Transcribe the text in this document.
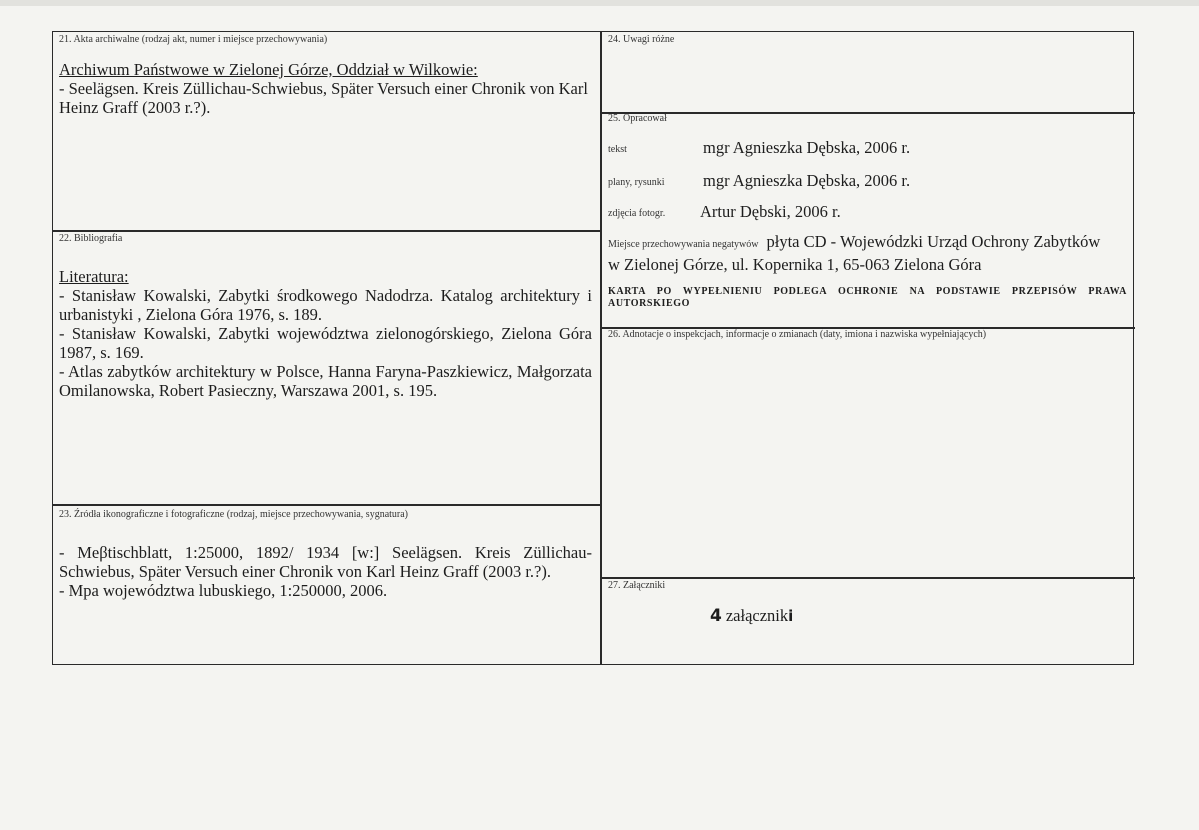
21. Akta archiwalne (rodzaj akt, numer i miejsce przechowywania)
Archiwum Państwowe w Zielonej Górze, Oddział w Wilkowie:
- Seelägsen. Kreis Züllichau-Schwiebus, Später Versuch einer Chronik von Karl Heinz Graff (2003 r.?).
22. Bibliografia
Literatura:
- Stanisław Kowalski, Zabytki środkowego Nadodrza. Katalog architektury i urbanistyki , Zielona Góra 1976, s. 189.
- Stanisław Kowalski, Zabytki województwa zielonogórskiego, Zielona Góra 1987, s. 169.
- Atlas zabytków architektury w Polsce, Hanna Faryna-Paszkiewicz, Małgorzata Omilanowska, Robert Pasieczny, Warszawa 2001, s. 195.
23. Źródła ikonograficzne i fotograficzne (rodzaj, miejsce przechowywania, sygnatura)
- Meβtischblatt, 1:25000, 1892/ 1934 [w:] Seelägsen. Kreis Züllichau-Schwiebus, Später Versuch einer Chronik von Karl Heinz Graff (2003 r.?).
- Mpa województwa lubuskiego, 1:250000, 2006.
24. Uwagi różne
25. Opracował
tekst	mgr Agnieszka Dębska, 2006 r.
plany, rysunki mgr Agnieszka Dębska, 2006 r.
zdjęcia fotogr. Artur Dębski, 2006 r.
Miejsce przechowywania negatywów płyta CD - Wojewódzki Urząd Ochrony Zabytków
w Zielonej Górze, ul. Kopernika 1, 65-063 Zielona Góra
KARTA PO WYPEŁNIENIU PODLEGA OCHRONIE NA PODSTAWIE PRZEPISÓW PRAWA AUTORSKIEGO
26. Adnotacje o inspekcjach, informacje o zmianach (daty, imiona i nazwiska wypełniających)
27. Załączniki
4 załączniki
